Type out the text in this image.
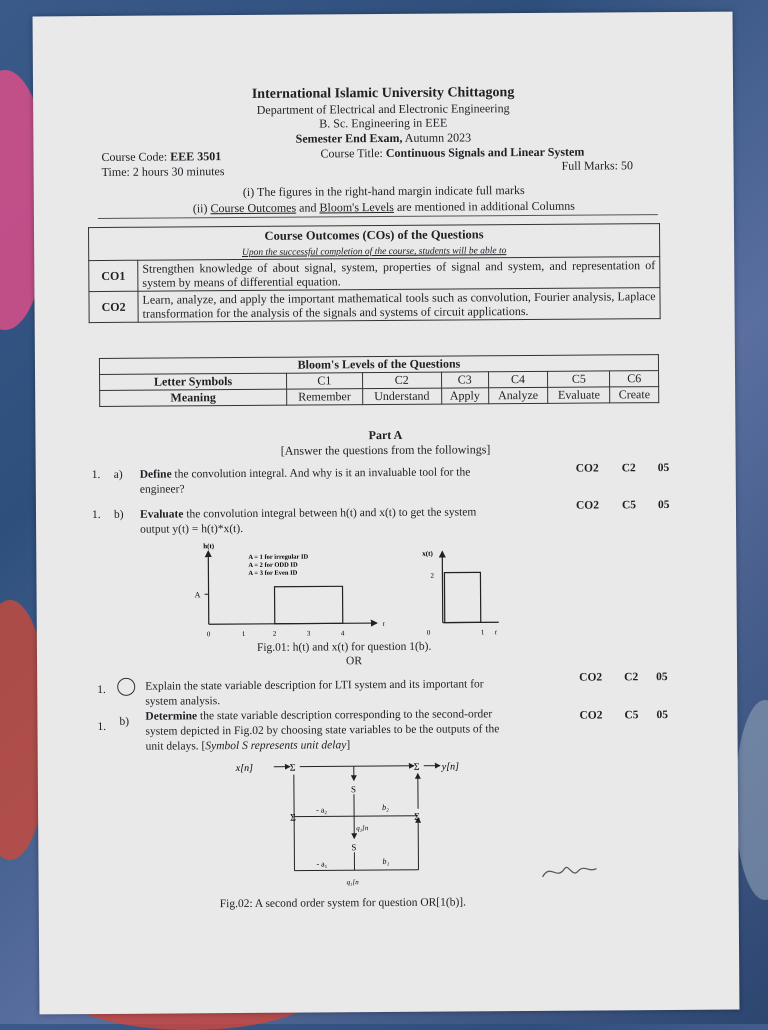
International Islamic University Chittagong
Department of Electrical and Electronic Engineering
B. Sc. Engineering in EEE
Semester End Exam, Autumn 2023
Course Code: EEE 3501	Course Title: Continuous Signals and Linear System
Time: 2 hours 30 minutes	Full Marks: 50
(i) The figures in the right-hand margin indicate full marks
(ii) Course Outcomes and Bloom's Levels are mentioned in additional Columns
Course Outcomes (COs) of the Questions
Upon the successful completion of the course, students will be able to	
CO1	Strengthen knowledge of about signal, system, properties of signal and system, and representation of system by means of differential equation.
CO2	Learn, analyze, and apply the important mathematical tools such as convolution, Fourier analysis, Laplace transformation for the analysis of the signals and systems of circuit applications.
Bloom's Levels of the Questions						
Letter Symbols	C1	C2	C3	C4	C5	C6
Meaning	Remember	Understand	Apply	Analyze	Evaluate	Create
Part A
[Answer the questions from the followings]
1. a) Define the convolution integral. And why is it an invaluable tool for the
engineer?
CO2 C2 05
1. b) Evaluate the convolution integral between h(t) and x(t) to get the system
output y(t) = h(t)*x(t).
CO2 C5 05
h(t)
A = 1 for irregular ID
A = 2 for ODD ID
A = 3 for Even ID
A
0	1	2	3	4
t
x(t)
2
0	1 t
Fig.01: h(t) and x(t) for question 1(b).
OR
1.	Explain the state variable description for LTI system and its important for
system analysis.
CO2 C2 05
1. b) Determine the state variable description corresponding to the second-order
system depicted in Fig.02 by choosing state variables to be the outputs of the
unit delays. [Symbol S represents unit delay]
CO2 C5 05
x[n]	Σ	Σ y[n]
Σ	Σ
S
S
- a₂	b₂
q₂[n
- a₁	b₁
q₁[n
Fig.02: A second order system for question OR[1(b)].
